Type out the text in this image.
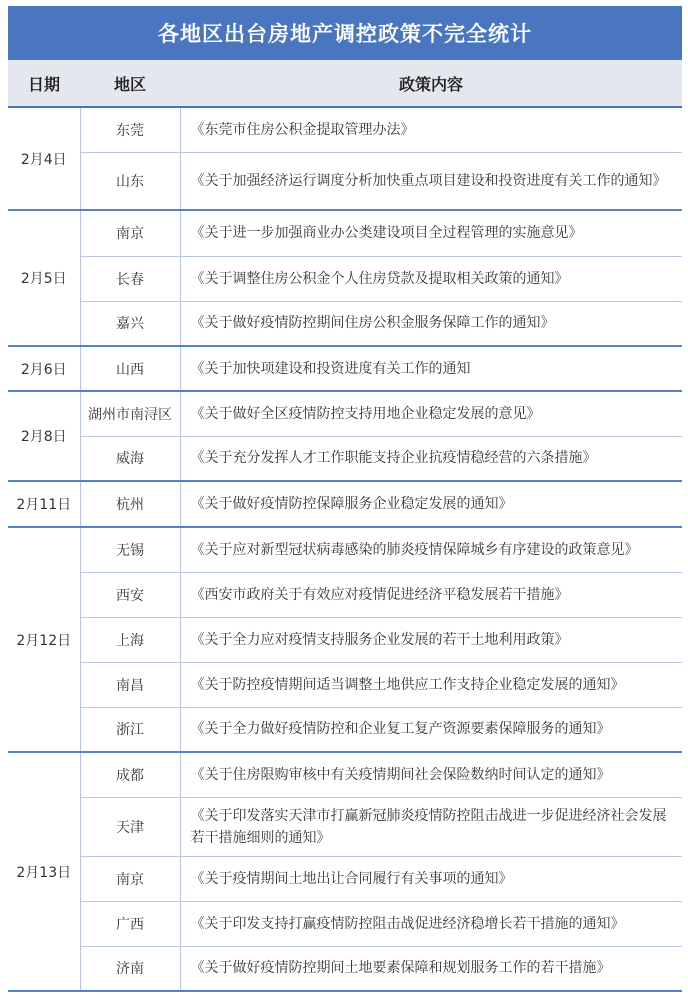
各地区出台房地产调控政策不完全统计
日期	地区	政策内容
2月4日	东莞	《东莞市住房公积金提取管理办法》
	山东	《关于加强经济运行调度分析加快重点项目建设和投资进度有关工作的通知》
2月5日	南京	《关于进一步加强商业办公类建设项目全过程管理的实施意见》
	长春	《关于调整住房公积金个人住房贷款及提取相关政策的通知》
	嘉兴	《关于做好疫情防控期间住房公积金服务保障工作的通知》
2月6日	山西	《关于加快项建设和投资进度有关工作的通知
2月8日	湖州市南浔区	《关于做好全区疫情防控支持用地企业稳定发展的意见》
	威海	《关于充分发挥人才工作职能支持企业抗疫情稳经营的六条措施》
2月11日	杭州	《关于做好疫情防控保障服务企业稳定发展的通知》
2月12日	无锡	《关于应对新型冠状病毒感染的肺炎疫情保障城乡有序建设的政策意见》
	西安	《西安市政府关于有效应对疫情促进经济平稳发展若干措施》
	上海	《关于全力应对疫情支持服务企业发展的若干土地利用政策》
	南昌	《关于防控疫情期间适当调整土地供应工作支持企业稳定发展的通知》
	浙江	《关于全力做好疫情防控和企业复工复产资源要素保障服务的通知》
2月13日	成都	《关于住房限购审核中有关疫情期间社会保险数纳时间认定的通知》
	天津	《关于印发落实天津市打赢新冠肺炎疫情防控阻击战进一步促进经济社会发展若干措施细则的通知》
	南京	《关于疫情期间土地出让合同履行有关事项的通知》
	广西	《关于印发支持打赢疫情防控阻击战促进经济稳增长若干措施的通知》
	济南	《关于做好疫情防控期间土地要素保障和规划服务工作的若干措施》
